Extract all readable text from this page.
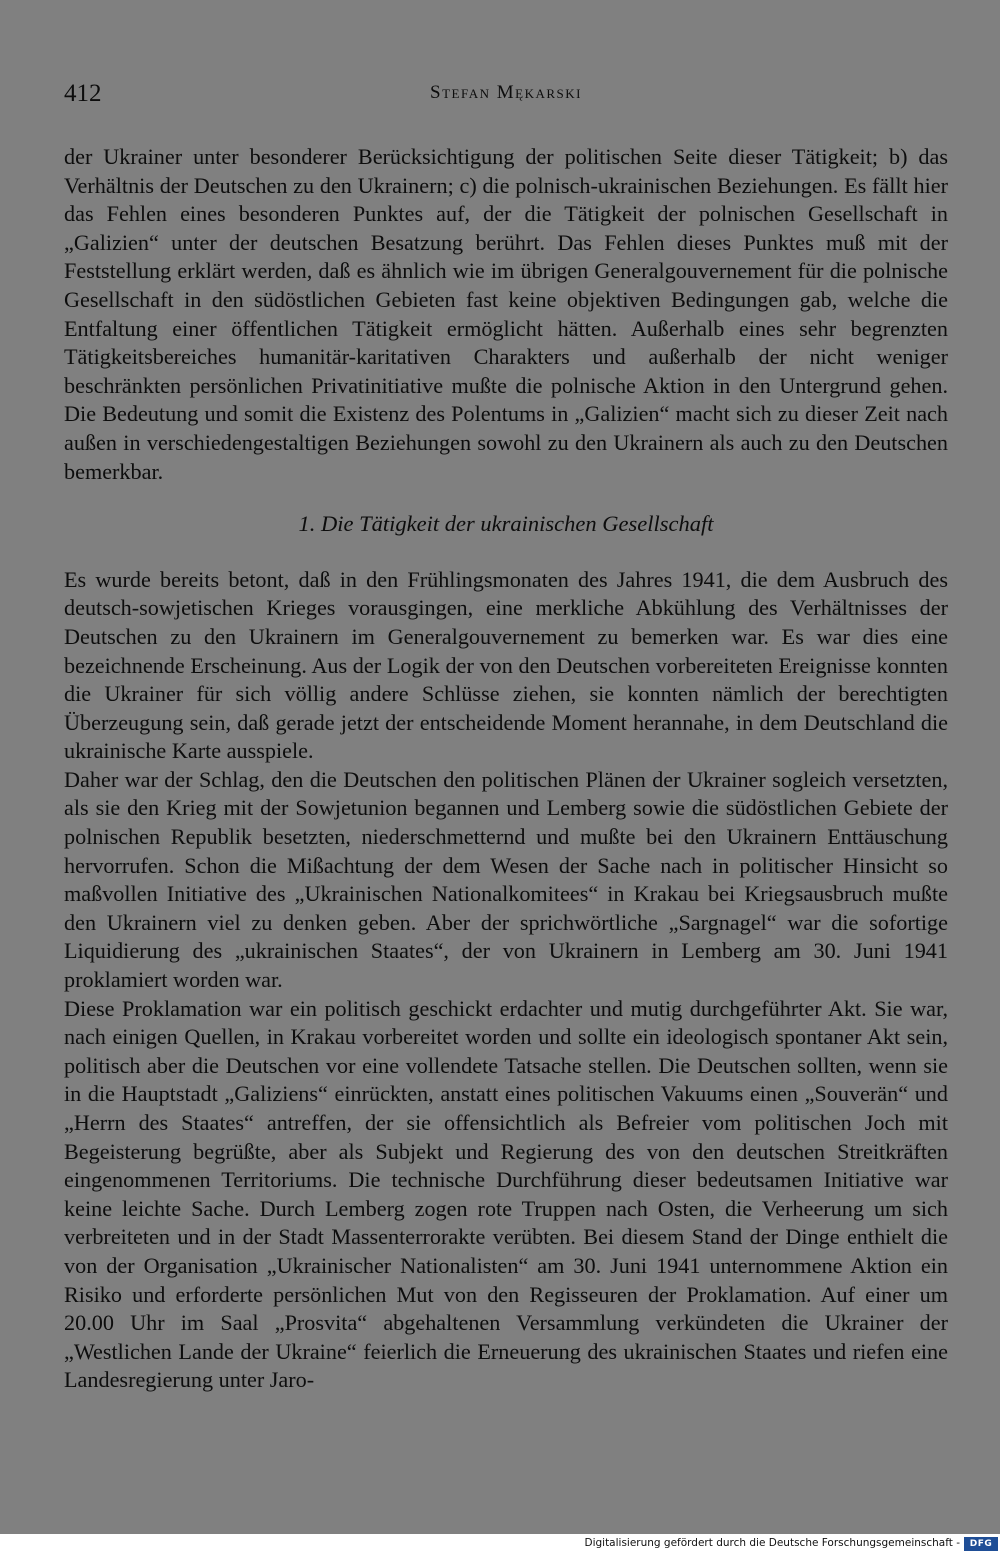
412	Stefan Mękarski

der Ukrainer unter besonderer Berücksichtigung der politischen Seite dieser Tätigkeit; b) das Verhältnis der Deutschen zu den Ukrainern; c) die polnisch-ukrainischen Beziehungen. Es fällt hier das Fehlen eines besonderen Punktes auf, der die Tätigkeit der polnischen Gesellschaft in „Galizien“ unter der deutschen Besatzung berührt. Das Fehlen dieses Punktes muß mit der Feststellung erklärt werden, daß es ähnlich wie im übrigen Generalgouvernement für die polnische Gesellschaft in den südöstlichen Gebieten fast keine objektiven Bedingungen gab, welche die Entfaltung einer öffentlichen Tätigkeit ermöglicht hätten. Außerhalb eines sehr begrenzten Tätigkeitsbereiches humanitär-karitativen Charakters und außerhalb der nicht weniger beschränkten persönlichen Privatinitiative mußte die polnische Aktion in den Untergrund gehen. Die Bedeutung und somit die Existenz des Polentums in „Galizien“ macht sich zu dieser Zeit nach außen in verschiedengestaltigen Beziehungen sowohl zu den Ukrainern als auch zu den Deutschen bemerkbar.

1. Die Tätigkeit der ukrainischen Gesellschaft

Es wurde bereits betont, daß in den Frühlingsmonaten des Jahres 1941, die dem Ausbruch des deutsch-sowjetischen Krieges vorausgingen, eine merkliche Abkühlung des Verhältnisses der Deutschen zu den Ukrainern im Generalgouvernement zu bemerken war. Es war dies eine bezeichnende Erscheinung. Aus der Logik der von den Deutschen vorbereiteten Ereignisse konnten die Ukrainer für sich völlig andere Schlüsse ziehen, sie konnten nämlich der berechtigten Überzeugung sein, daß gerade jetzt der entscheidende Moment herannahe, in dem Deutschland die ukrainische Karte ausspiele.

Daher war der Schlag, den die Deutschen den politischen Plänen der Ukrainer sogleich versetzten, als sie den Krieg mit der Sowjetunion begannen und Lemberg sowie die südöstlichen Gebiete der polnischen Republik besetzten, niederschmetternd und mußte bei den Ukrainern Enttäuschung hervorrufen. Schon die Mißachtung der dem Wesen der Sache nach in politischer Hinsicht so maßvollen Initiative des „Ukrainischen Nationalkomitees“ in Krakau bei Kriegsausbruch mußte den Ukrainern viel zu denken geben. Aber der sprichwörtliche „Sargnagel“ war die sofortige Liquidierung des „ukrainischen Staates“, der von Ukrainern in Lemberg am 30. Juni 1941 proklamiert worden war.

Diese Proklamation war ein politisch geschickt erdachter und mutig durchgeführter Akt. Sie war, nach einigen Quellen, in Krakau vorbereitet worden und sollte ein ideologisch spontaner Akt sein, politisch aber die Deutschen vor eine vollendete Tatsache stellen. Die Deutschen sollten, wenn sie in die Hauptstadt „Galiziens“ einrückten, anstatt eines politischen Vakuums einen „Souverän“ und „Herrn des Staates“ antreffen, der sie offensichtlich als Befreier vom politischen Joch mit Begeisterung begrüßte, aber als Subjekt und Regierung des von den deutschen Streitkräften eingenommenen Territoriums. Die technische Durchführung dieser bedeutsamen Initiative war keine leichte Sache. Durch Lemberg zogen rote Truppen nach Osten, die Verheerung um sich verbreiteten und in der Stadt Massenterrorakte verübten. Bei diesem Stand der Dinge enthielt die von der Organisation „Ukrainischer Nationalisten“ am 30. Juni 1941 unternommene Aktion ein Risiko und erforderte persönlichen Mut von den Regisseuren der Proklamation. Auf einer um 20.00 Uhr im Saal „Prosvita“ abgehaltenen Versammlung verkündeten die Ukrainer der „Westlichen Lande der Ukraine“ feierlich die Erneuerung des ukrainischen Staates und riefen eine Landesregierung unter Jaro-

Digitalisierung gefördert durch die Deutsche Forschungsgemeinschaft -	DFG
